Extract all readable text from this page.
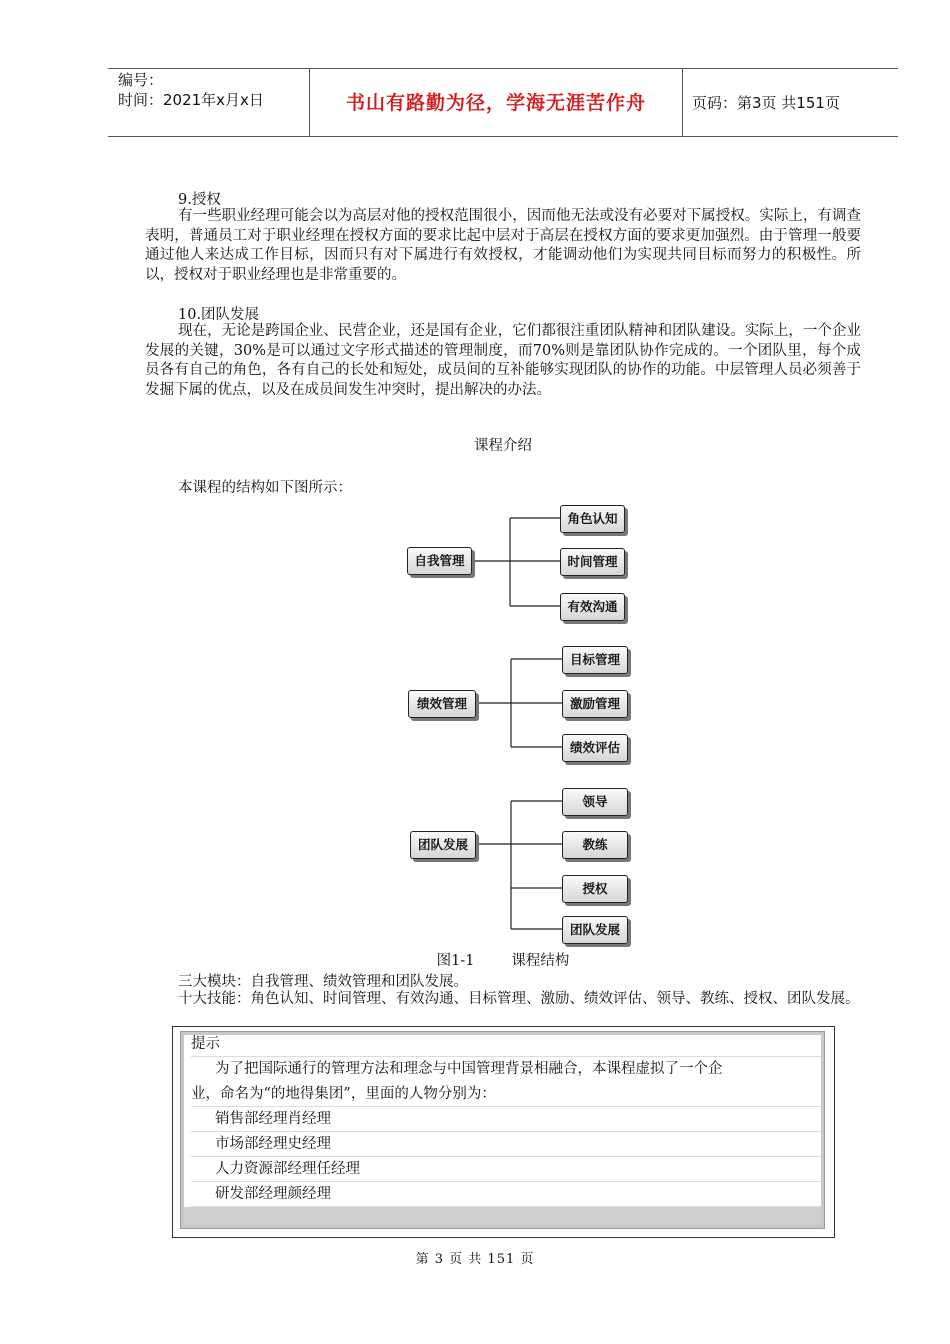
编号：
时间：2021年x月x日	书山有路勤为径，学海无涯苦作舟	页码：第3页 共151页
9.授权
有一些职业经理可能会以为高层对他的授权范围很小，因而他无法或没有必要对下属授权。实际上，有调查表明，普通员工对于职业经理在授权方面的要求比起中层对于高层在授权方面的要求更加强烈。由于管理一般要通过他人来达成工作目标，因而只有对下属进行有效授权，才能调动他们为实现共同目标而努力的积极性。所以，授权对于职业经理也是非常重要的。
10.团队发展
现在，无论是跨国企业、民营企业，还是国有企业，它们都很注重团队精神和团队建设。实际上，一个企业发展的关键，30%是可以通过文字形式描述的管理制度，而70%则是靠团队协作完成的。一个团队里，每个成员各有自己的角色，各有自己的长处和短处，成员间的互补能够实现团队的协作的功能。中层管理人员必须善于发掘下属的优点，以及在成员间发生冲突时，提出解决的办法。
课程介绍
本课程的结构如下图所示：
自我管理
角色认知
时间管理
有效沟通
绩效管理
目标管理
激励管理
绩效评估
团队发展
领导
教练
授权
团队发展
图1-1        课程结构
三大模块：自我管理、绩效管理和团队发展。
十大技能：角色认知、时间管理、有效沟通、目标管理、激励、绩效评估、领导、教练、授权、团队发展。
提示
为了把国际通行的管理方法和理念与中国管理背景相融合，本课程虚拟了一个企
业，命名为“的地得集团”，里面的人物分别为：
销售部经理肖经理
市场部经理史经理
人力资源部经理任经理
研发部经理颜经理
第 3 页 共 151 页
